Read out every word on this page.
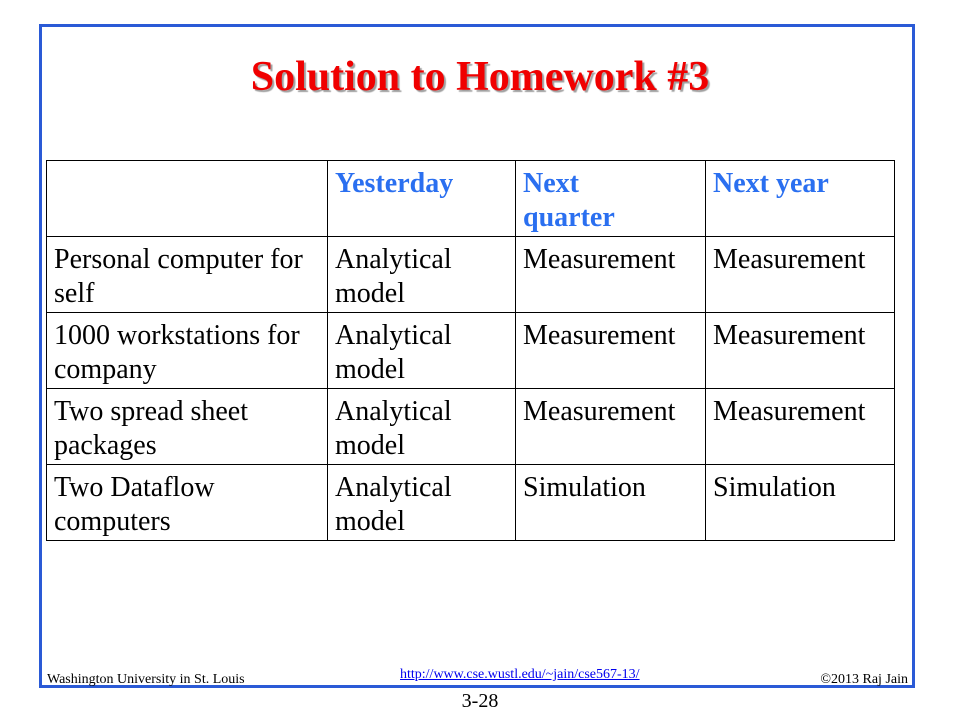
Solution to Homework #3
	Yesterday	Next quarter	Next year
Personal computer for self	Analytical model	Measurement	Measurement
1000 workstations for company	Analytical model	Measurement	Measurement
Two spread sheet packages	Analytical model	Measurement	Measurement
Two Dataflow computers	Analytical model	Simulation	Simulation
Washington University in St. Louis	http://www.cse.wustl.edu/~jain/cse567-13/	©2013 Raj Jain
3-28
